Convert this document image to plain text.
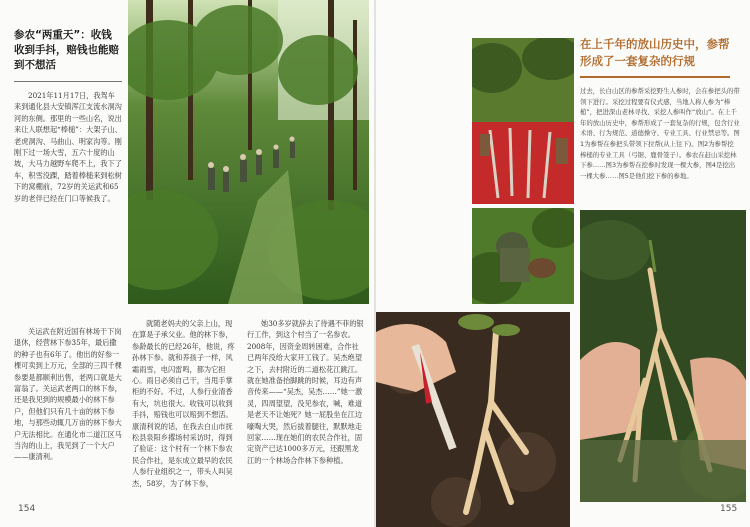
参农“两重天”：收钱收到手抖，赔钱也能赔到不想活
2021年11月17日，我驾车来到通化县大安镇浑江支流水洞沟河的东侧。那里的一些山名，说出来让人联想起“棒槌”：大架子山、老虎洞沟、马曲山、明家沟等。刚刚下过一场大雪，五六十度的山坡，大马力越野车爬不上，我下了车，积雪没踝，踏着棒槌来到松树下的窝棚前，72岁的关运武和65岁的老伴已经在门口等候我了。
关运武在附近国有林场干下岗退休，经营林下参35年，最后撒的种子也有6年了。他出的好参一棵可卖到上万元，全部的三四千棵参要是都顺利出售，老两口就是大富翁了。关运武老两口的林下参，还是我见到的规模最小的林下参户，但他们只有几十亩的林下参地，与那些动辄几万亩的林下参大户无法相比。在通化市二道江区马当沟的山上，我见到了一个大户——康清利。
就随老妈夫的父亲上山，现在算是子承父业。他的林下参，参龄最长的已经26年，他说，疼孙林下参。就和养孩子一样，风霜雨雪，电闪雷鸣，都为它担心。雨日必须自己干，当甩手掌柜的不好。不过，人参行业清香有大，坑也很大。收钱可以收到手抖，赔钱也可以赔到不想活。康清利说的话，在我去白山市抚松县泉阳乡撂场村采访时，得到了验证：这个村有一个林下参农民合作社，是东成立最早的农民人参行业组织之一，带头人叫吴杰，58岁，为了林下参，
她30多岁就辞去了待遇不菲的银行工作，到这个村当了一名参农。2008年，因资金周转困难，合作社已两年没给大家开工钱了。吴杰绝望之下，去村附近的二道松花江跳江。就在她准备抬脚跳的时候，耳边有声音传来——“吴杰，吴杰……”她一激灵，四周望望，没见参农，喊，难道是老天不让她死？她一屁股坐在江边嚎啕大哭，然后拔着腿往，默默地走回家……现在她们的农民合作社，固定资产已达1000多万元，还跟黑龙江的一个林场合作林下参种植。
154
在上千年的放山历史中，参帮形成了一套复杂的行规
过去，长白山区的参帮采挖野生人参时，会在参把头的带领下进行。采挖过程要有仪式感，当地人称人参为“棒槌”，把进深山老林寻找、采挖人参叫作“放山”。在上千年的放山历史中，参帮形成了一套复杂的行规，包含行业术语、行为规范、道德操守、专业工具、行业禁忌等。图1为参帮在参把头带领下拉帮(从上往下)。图2为参帮挖棒槌的专业工具（弓锯、鹿骨签子）。参农在赶山采挖林下参……图3为参帮在挖参时发现一棵大参，图4是挖出一棵大参……图5是他们挖下参的参地。
155
